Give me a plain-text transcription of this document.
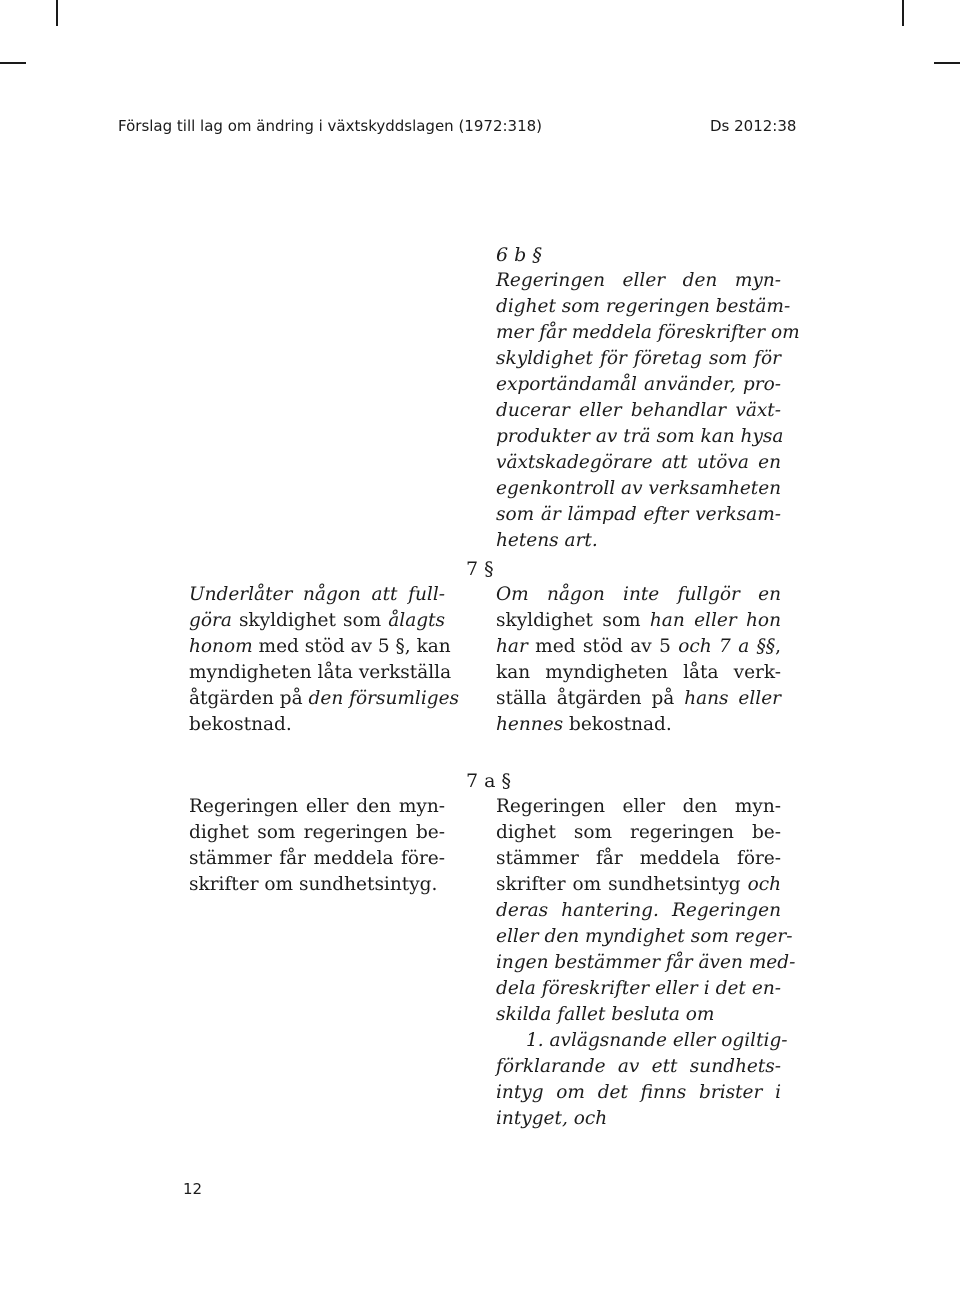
Förslag till lag om ändring i växtskyddslagen (1972:318)	Ds 2012:38
6 b §
Regeringen eller den myn-
dighet som regeringen bestäm-
mer får meddela föreskrifter om
skyldighet för företag som för
exportändamål använder, pro-
ducerar eller behandlar växt-
produkter av trä som kan hysa
växtskadegörare att utöva en
egenkontroll av verksamheten
som är lämpad efter verksam-
hetens art.
7 §
Underlåter någon att full-
göra skyldighet som ålagts
honom med stöd av 5 §, kan
myndigheten låta verkställa
åtgärden på den försumliges
bekostnad.
Om någon inte fullgör en
skyldighet som han eller hon
har med stöd av 5 och 7 a §§,
kan myndigheten låta verk-
ställa åtgärden på hans eller
hennes bekostnad.
7 a §
Regeringen eller den myn-
dighet som regeringen be-
stämmer får meddela före-
skrifter om sundhetsintyg.
Regeringen eller den myn-
dighet som regeringen be-
stämmer får meddela före-
skrifter om sundhetsintyg och
deras hantering. Regeringen
eller den myndighet som reger-
ingen bestämmer får även med-
dela föreskrifter eller i det en-
skilda fallet besluta om
1. avlägsnande eller ogiltig-
förklarande av ett sundhets-
intyg om det finns brister i
intyget, och
12
